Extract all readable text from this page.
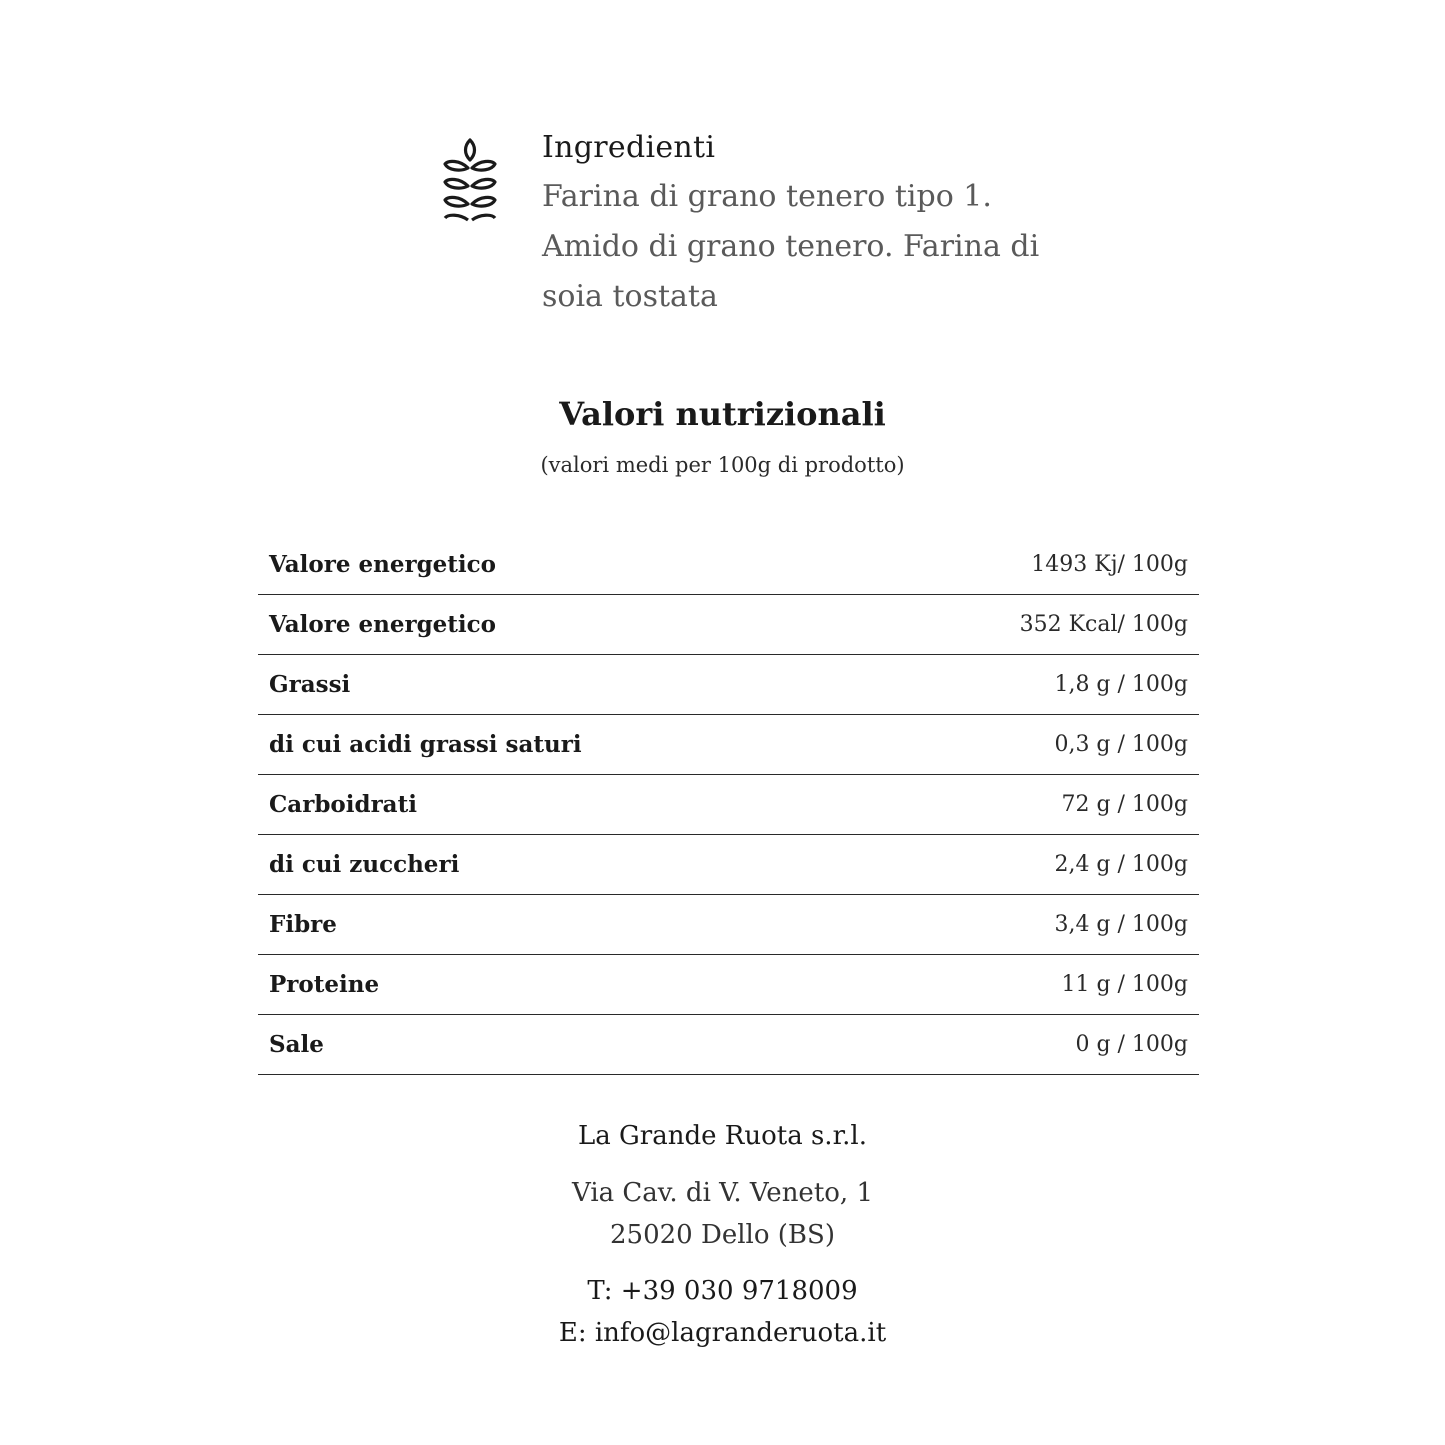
Ingredienti
Farina di grano tenero tipo 1.
Amido di grano tenero. Farina di
soia tostata
Valori nutrizionali
(valori medi per 100g di prodotto)
Valore energetico	1493 Kj/ 100g
Valore energetico	352 Kcal/ 100g
Grassi	1,8 g / 100g
di cui acidi grassi saturi	0,3 g / 100g
Carboidrati	72 g / 100g
di cui zuccheri	2,4 g / 100g
Fibre	3,4 g / 100g
Proteine	11 g / 100g
Sale	0 g / 100g
La Grande Ruota s.r.l.
Via Cav. di V. Veneto, 1
25020 Dello (BS)
T: +39 030 9718009
E: info@lagranderuota.it
